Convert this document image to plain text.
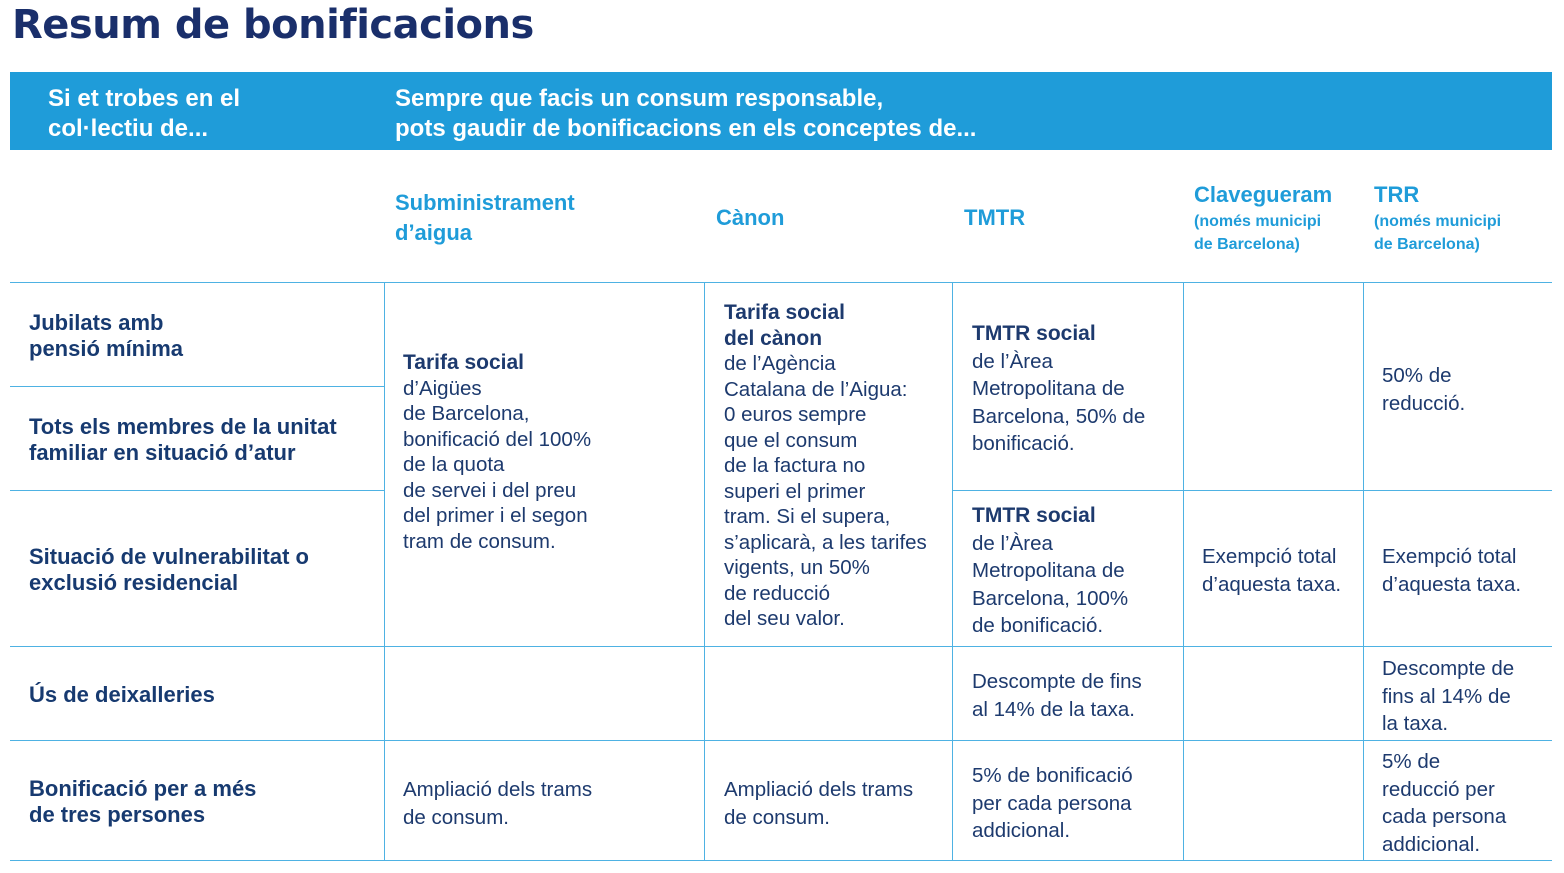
Resum de bonificacions
Si et trobes en el
col·lectiu de...
Sempre que facis un consum responsable,
pots gaudir de bonificacions en els conceptes de...
Subministrament
d’aigua
Cànon	TMTR
Clavegueram
(només municipi
de Barcelona)
TRR
(només municipi
de Barcelona)
Jubilats amb
pensió mínima
Tots els membres de la unitat
familiar en situació d’atur
Situació de vulnerabilitat o
exclusió residencial
Ús de deixalleries
Bonificació per a més
de tres persones
Tarifa social
d’Aigües
de Barcelona,
bonificació del 100%
de la quota
de servei i del preu
del primer i el segon
tram de consum.
Tarifa social
del cànon
de l’Agència
Catalana de l’Aigua:
0 euros sempre
que el consum
de la factura no
superi el primer
tram. Si el supera,
s’aplicarà, a les tarifes
vigents, un 50%
de reducció
del seu valor.
TMTR social
de l’Àrea
Metropolitana de
Barcelona, 50% de
bonificació.
TMTR social
de l’Àrea
Metropolitana de
Barcelona, 100%
de bonificació.
50% de
reducció.
Exempció total
d’aquesta taxa.
Exempció total
d’aquesta taxa.
Descompte de fins
al 14% de la taxa.
Descompte de
fins al 14% de
la taxa.
Ampliació dels trams
de consum.
Ampliació dels trams
de consum.
5% de bonificació
per cada persona
addicional.
5% de
reducció per
cada persona
addicional.
